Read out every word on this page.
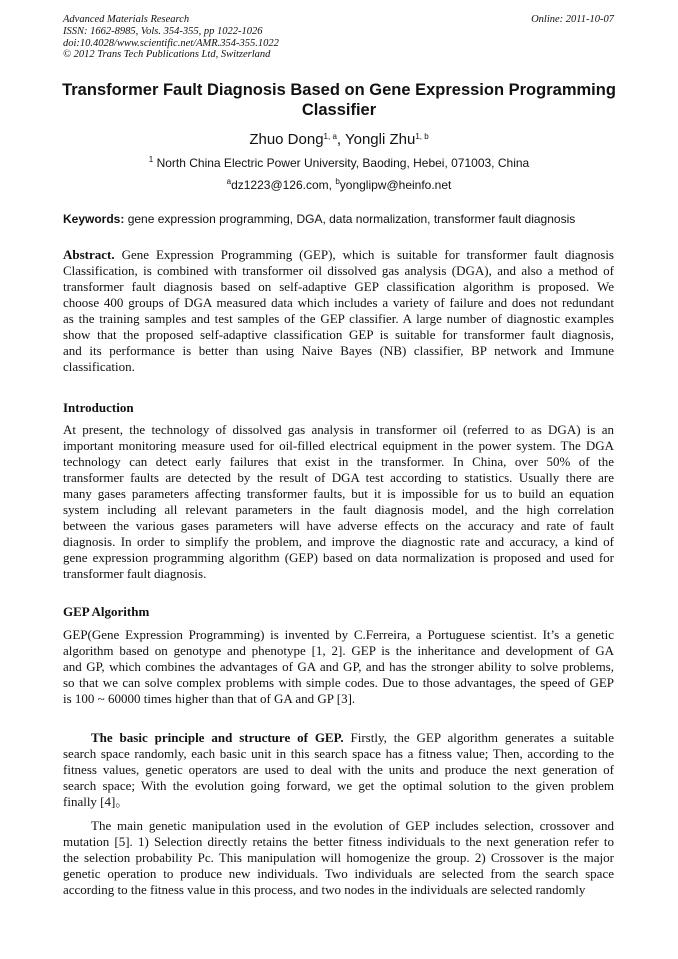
Advanced Materials Research
ISSN: 1662-8985, Vols. 354-355, pp 1022-1026
doi:10.4028/www.scientific.net/AMR.354-355.1022
© 2012 Trans Tech Publications Ltd, Switzerland
Online: 2011-10-07
Transformer Fault Diagnosis Based on Gene Expression Programming
Classifier
Zhuo Dong$^{1, a}$, Yongli Zhu$^{1, b}$
$^1$ North China Electric Power University, Baoding, Hebei, 071003, China
$^a$dz1223@126.com, $^b$yonglipw@heinfo.net
Keywords: gene expression programming, DGA, data normalization, transformer fault diagnosis
Abstract. Gene Expression Programming (GEP), which is suitable for transformer fault diagnosis
Classification, is combined with transformer oil dissolved gas analysis (DGA), and also a method of
transformer fault diagnosis based on self-adaptive GEP classification algorithm is proposed. We
choose 400 groups of DGA measured data which includes a variety of failure and does not redundant
as the training samples and test samples of the GEP classifier. A large number of diagnostic examples
show that the proposed self-adaptive classification GEP is suitable for transformer fault diagnosis,
and its performance is better than using Naive Bayes (NB) classifier, BP network and Immune
classification.
Introduction
At present, the technology of dissolved gas analysis in transformer oil (referred to as DGA) is an
important monitoring measure used for oil-filled electrical equipment in the power system. The DGA
technology can detect early failures that exist in the transformer. In China, over 50% of the
transformer faults are detected by the result of DGA test according to statistics. Usually there are
many gases parameters affecting transformer faults, but it is impossible for us to build an equation
system including all relevant parameters in the fault diagnosis model, and the high correlation
between the various gases parameters will have adverse effects on the accuracy and rate of fault
diagnosis. In order to simplify the problem, and improve the diagnostic rate and accuracy, a kind of
gene expression programming algorithm (GEP) based on data normalization is proposed and used for
transformer fault diagnosis.
GEP Algorithm
GEP(Gene Expression Programming) is invented by C.Ferreira, a Portuguese scientist. It’s a genetic
algorithm based on genotype and phenotype [1, 2]. GEP is the inheritance and development of GA
and GP, which combines the advantages of GA and GP, and has the stronger ability to solve problems,
so that we can solve complex problems with simple codes. Due to those advantages, the speed of GEP
is 100 ~ 60000 times higher than that of GA and GP [3].
The basic principle and structure of GEP. Firstly, the GEP algorithm generates a suitable
search space randomly, each basic unit in this search space has a fitness value; Then, according to the
fitness values, genetic operators are used to deal with the units and produce the next generation of
search space; With the evolution going forward, we get the optimal solution to the given problem
finally [4]。
The main genetic manipulation used in the evolution of GEP includes selection, crossover and
mutation [5]. 1) Selection directly retains the better fitness individuals to the next generation refer to
the selection probability Pc. This manipulation will homogenize the group. 2) Crossover is the major
genetic operation to produce new individuals. Two individuals are selected from the search space
according to the fitness value in this process, and two nodes in the individuals are selected randomly
